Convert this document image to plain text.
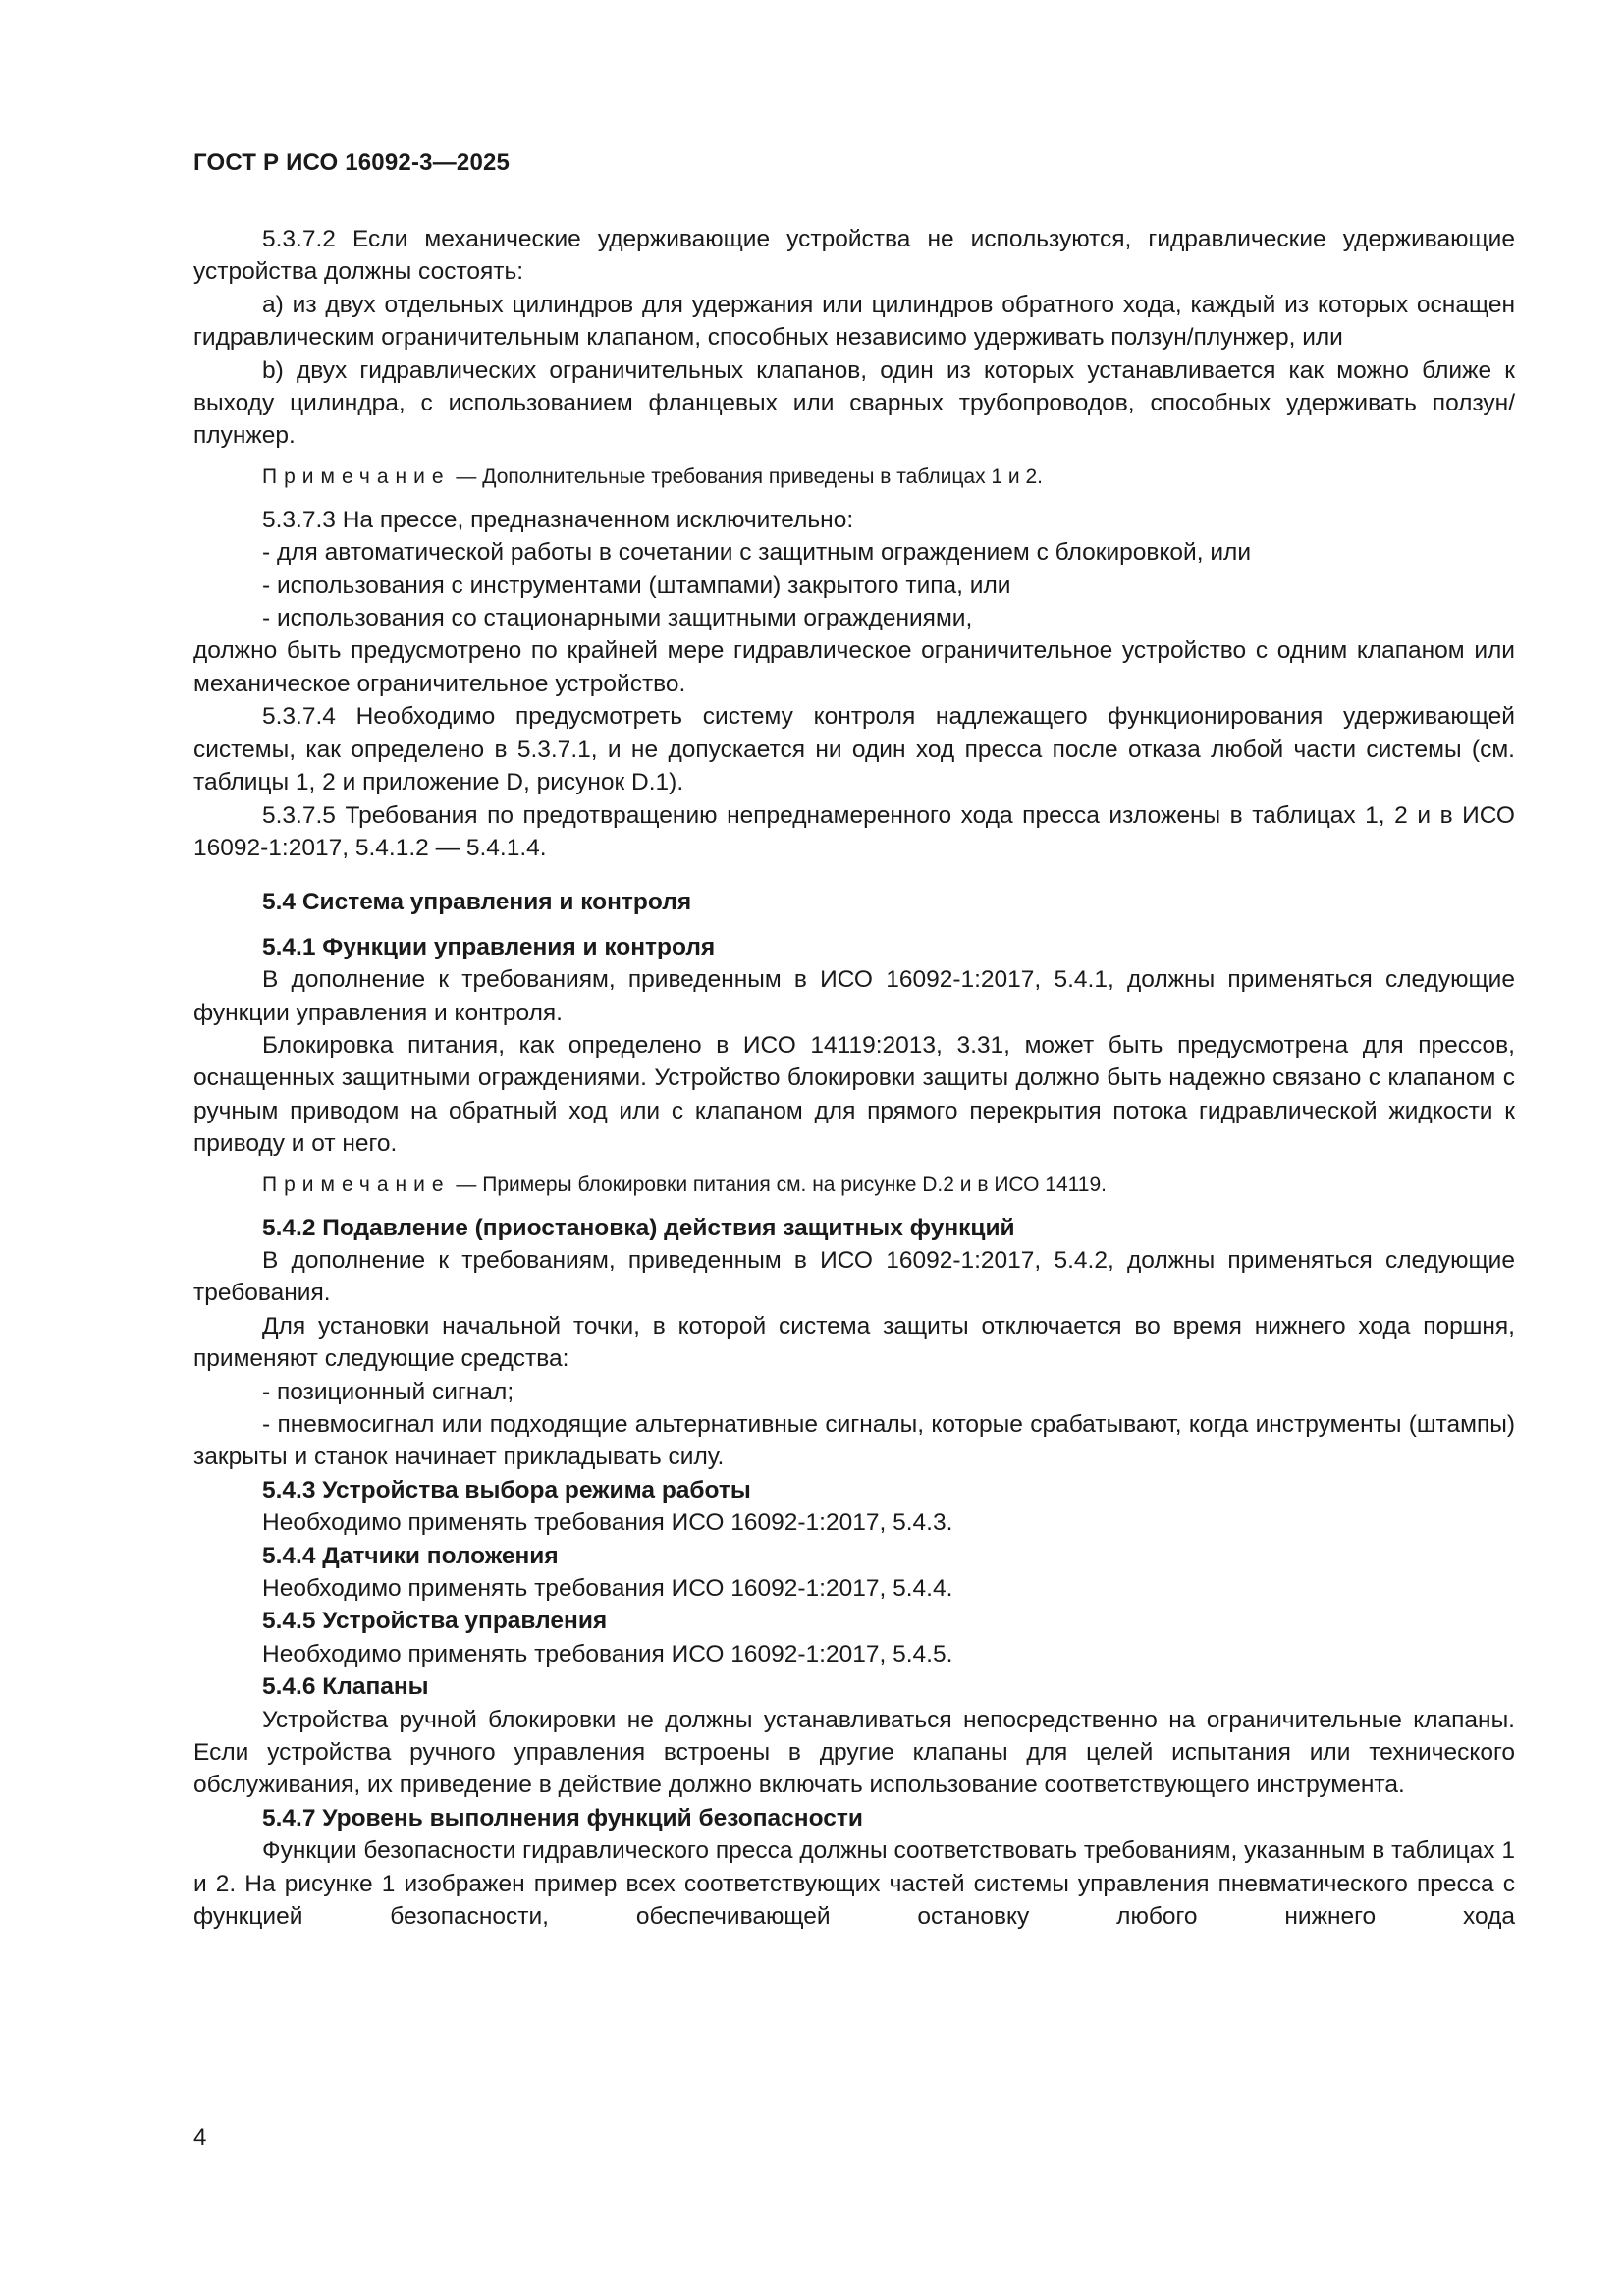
ГОСТ Р ИСО 16092-3—2025

5.3.7.2 Если механические удерживающие устройства не используются, гидравлические удерживающие устройства должны состоять:

a) из двух отдельных цилиндров для удержания или цилиндров обратного хода, каждый из которых оснащен гидравлическим ограничительным клапаном, способных независимо удерживать ползун/плунжер, или

b) двух гидравлических ограничительных клапанов, один из которых устанавливается как можно ближе к выходу цилиндра, с использованием фланцевых или сварных трубопроводов, способных удерживать ползун/плунжер.

Примечание — Дополнительные требования приведены в таблицах 1 и 2.

5.3.7.3 На прессе, предназначенном исключительно:

- для автоматической работы в сочетании с защитным ограждением с блокировкой, или

- использования с инструментами (штампами) закрытого типа, или

- использования со стационарными защитными ограждениями,

должно быть предусмотрено по крайней мере гидравлическое ограничительное устройство с одним клапаном или механическое ограничительное устройство.

5.3.7.4 Необходимо предусмотреть систему контроля надлежащего функционирования удерживающей системы, как определено в 5.3.7.1, и не допускается ни один ход пресса после отказа любой части системы (см. таблицы 1, 2 и приложение D, рисунок D.1).

5.3.7.5 Требования по предотвращению непреднамеренного хода пресса изложены в таблицах 1, 2 и в ИСО 16092-1:2017, 5.4.1.2 — 5.4.1.4.

5.4 Система управления и контроля

5.4.1 Функции управления и контроля

В дополнение к требованиям, приведенным в ИСО 16092-1:2017, 5.4.1, должны применяться следующие функции управления и контроля.

Блокировка питания, как определено в ИСО 14119:2013, 3.31, может быть предусмотрена для прессов, оснащенных защитными ограждениями. Устройство блокировки защиты должно быть надежно связано с клапаном с ручным приводом на обратный ход или с клапаном для прямого перекрытия потока гидравлической жидкости к приводу и от него.

Примечание — Примеры блокировки питания см. на рисунке D.2 и в ИСО 14119.

5.4.2 Подавление (приостановка) действия защитных функций

В дополнение к требованиям, приведенным в ИСО 16092-1:2017, 5.4.2, должны применяться следующие требования.

Для установки начальной точки, в которой система защиты отключается во время нижнего хода поршня, применяют следующие средства:

- позиционный сигнал;

- пневмосигнал или подходящие альтернативные сигналы, которые срабатывают, когда инструменты (штампы) закрыты и станок начинает прикладывать силу.

5.4.3 Устройства выбора режима работы

Необходимо применять требования ИСО 16092-1:2017, 5.4.3.

5.4.4 Датчики положения

Необходимо применять требования ИСО 16092-1:2017, 5.4.4.

5.4.5 Устройства управления

Необходимо применять требования ИСО 16092-1:2017, 5.4.5.

5.4.6 Клапаны

Устройства ручной блокировки не должны устанавливаться непосредственно на ограничительные клапаны. Если устройства ручного управления встроены в другие клапаны для целей испытания или технического обслуживания, их приведение в действие должно включать использование соответствующего инструмента.

5.4.7 Уровень выполнения функций безопасности

Функции безопасности гидравлического пресса должны соответствовать требованиям, указанным в таблицах 1 и 2. На рисунке 1 изображен пример всех соответствующих частей системы управления пневматического пресса с функцией безопасности, обеспечивающей остановку любого нижнего хода

4
